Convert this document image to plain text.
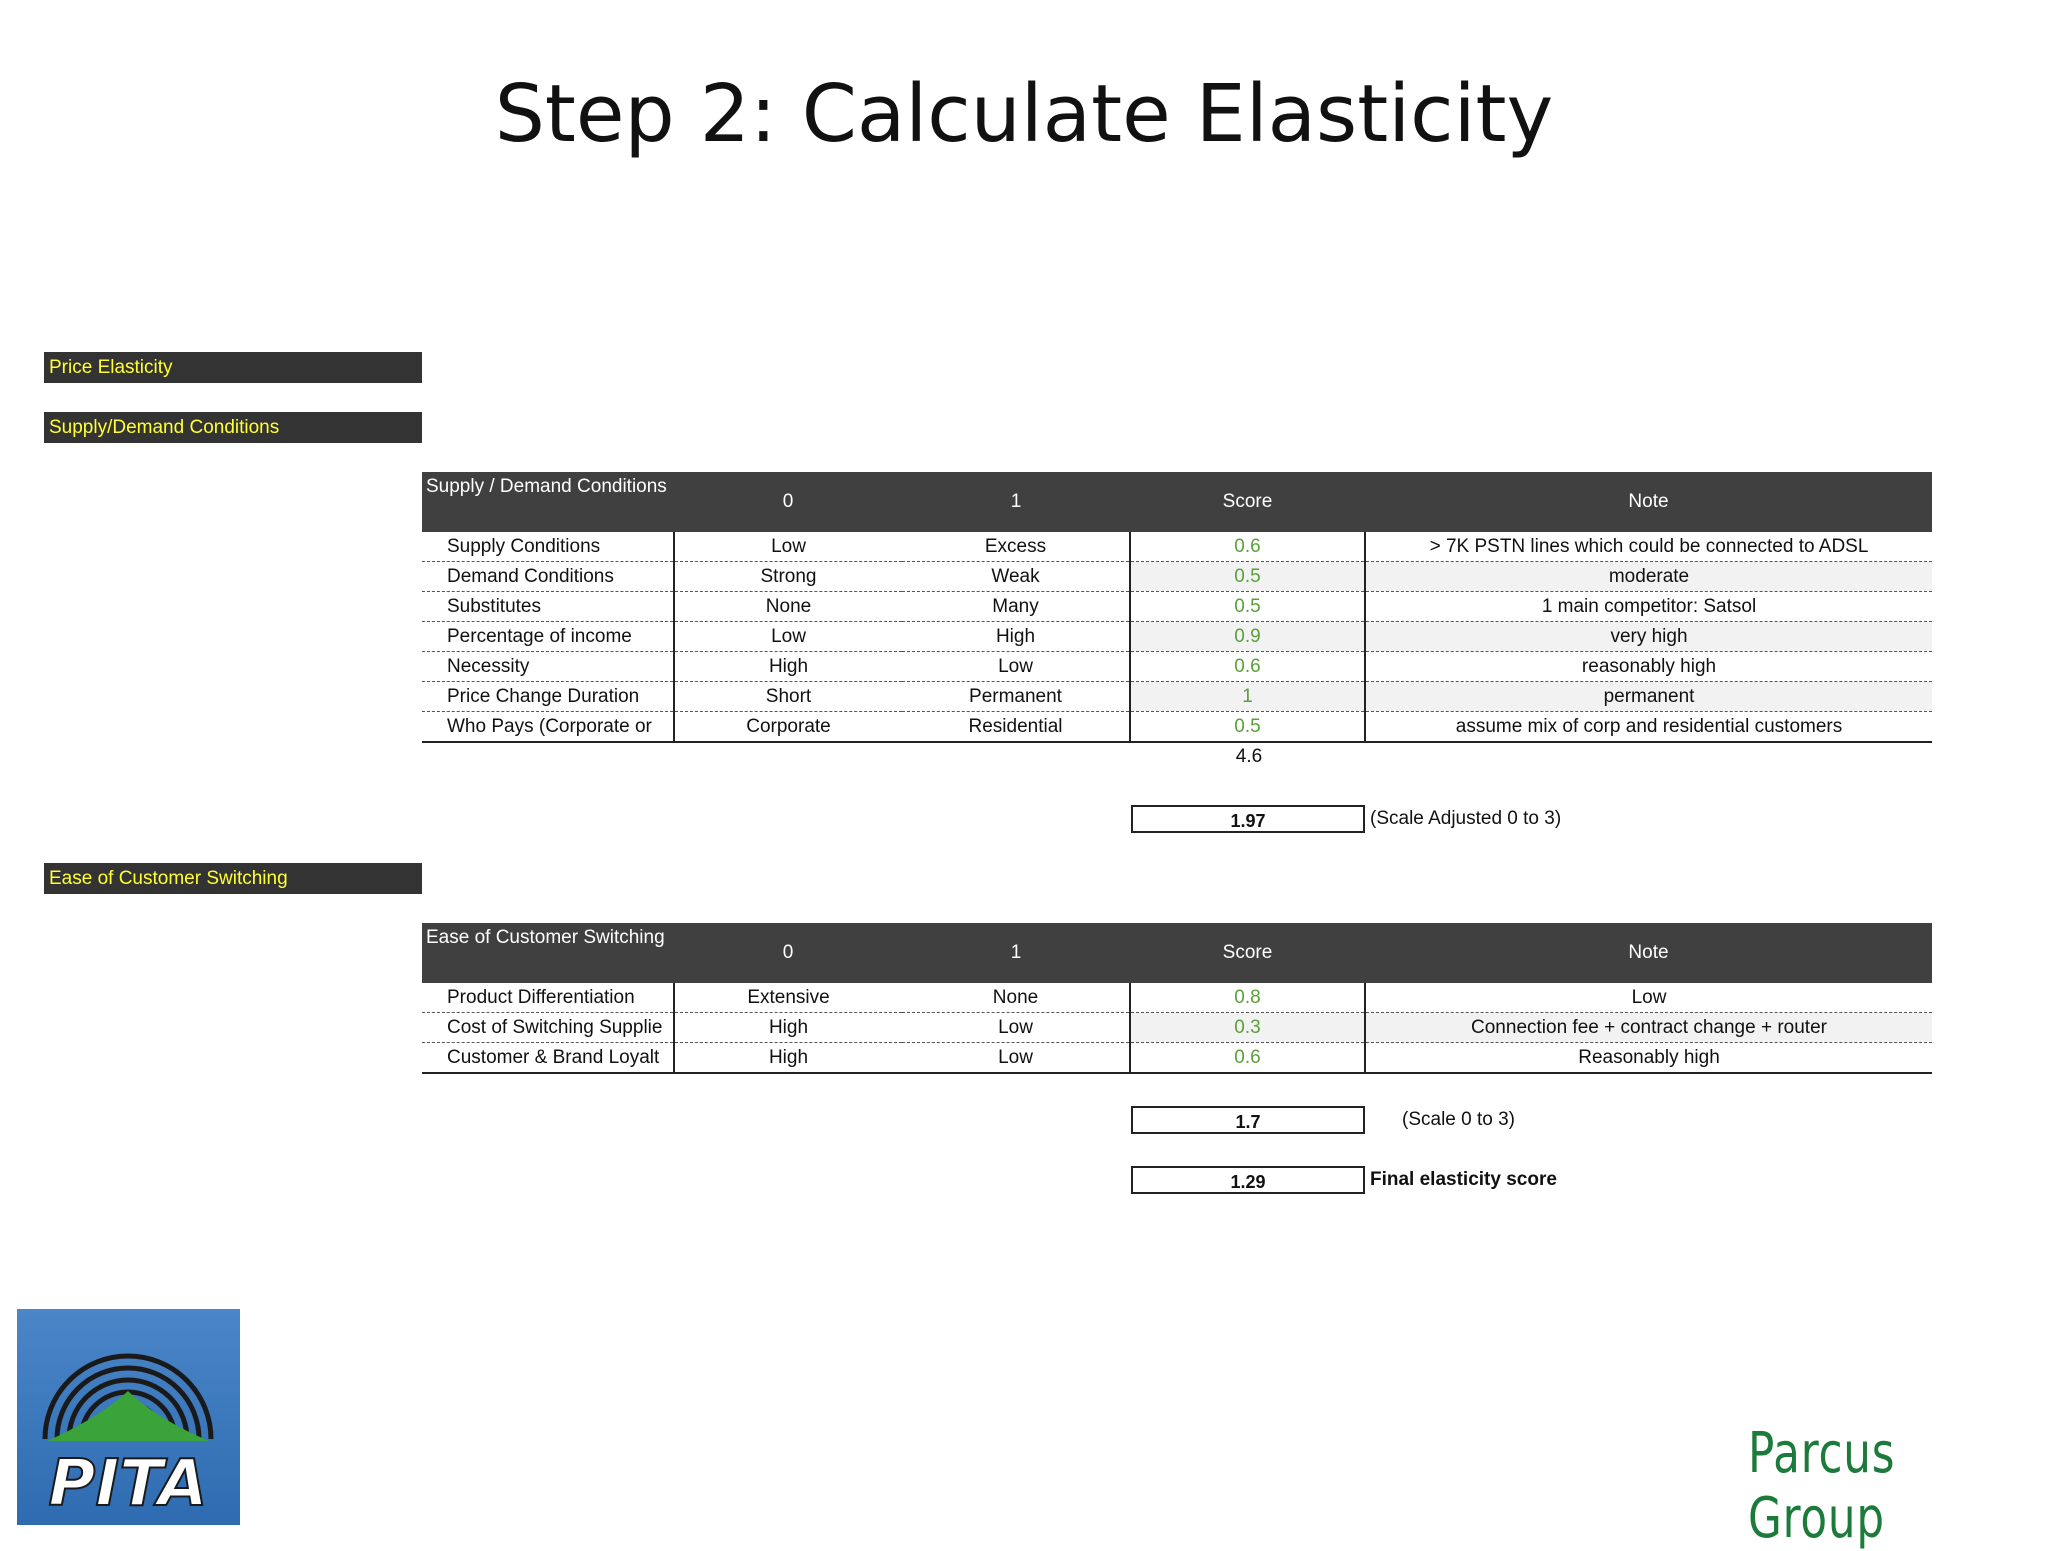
Step 2: Calculate Elasticity
Price Elasticity
Supply/Demand Conditions
Supply / Demand Conditions	0	1	Score	Note
Supply Conditions	Low	Excess	0.6	> 7K PSTN lines which could be connected to ADSL
Demand Conditions	Strong	Weak	0.5	moderate
Substitutes	None	Many	0.5	1 main competitor: Satsol
Percentage of income	Low	High	0.9	very high
Necessity	High	Low	0.6	reasonably high
Price Change Duration	Short	Permanent	1	permanent
Who Pays (Corporate or	Corporate	Residential	0.5	assume mix of corp and residential customers
4.6
1.97	(Scale Adjusted 0 to 3)
Ease of Customer Switching
Ease of Customer Switching	0	1	Score	Note
Product Differentiation	Extensive	None	0.8	Low
Cost of Switching Supplie	High	Low	0.3	Connection fee + contract change + router
Customer & Brand Loyalt	High	Low	0.6	Reasonably high
1.7	(Scale 0 to 3)
1.29	Final elasticity score
PITA	Parcus Group
